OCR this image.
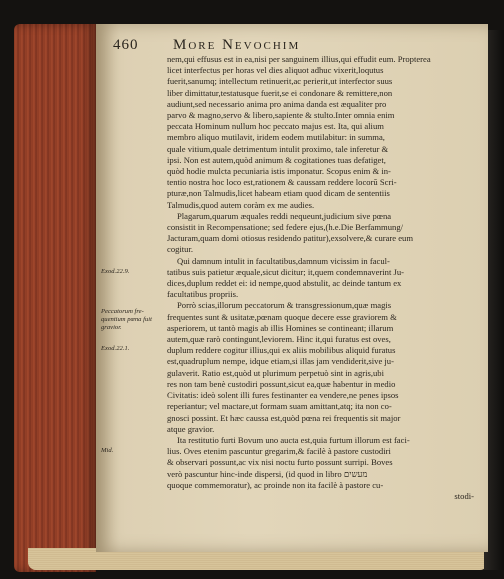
460 More Nevochim
Exod.22.9.
Peccatorum fre-quentium pœna fuit gravior.
Exod.22.1.
Mid.
nem,qui effusus est in ea,nisi per sanguinem illius,qui effudit eum. Propterea
licet interfectus per horas vel dies aliquot adhuc vixerit,loqutus
fuerit,sanumq; intellectum retinuerit,ac perierit,ut interfector suus
liber dimittatur,testatusque fuerit,se ei condonare & remittere,non
audiunt,sed necessario anima pro anima danda est æqualiter pro
parvo & magno,servo & libero,sapiente & stulto.Inter omnia enim
peccata Hominum nullum hoc peccato majus est. Ita, qui alium
membro aliquo mutilavit, iridem eodem mutilabitur: in summa,
quale vitium,quale detrimentum intulit proximo, tale inferetur &
ipsi. Non est autem,quòd animum & cogitationes tuas defatiget,
quòd hodie mulcta pecuniaria istis imponatur. Scopus enim & in-
tentio nostra hoc loco est,rationem & caussam reddere locorū Scri-
pturæ,non Talmudis,licet habeam etiam quod dicam de sententiis
Talmudis,quod autem coràm ex me audies.
Plagarum,quarum æquales reddi nequeunt,judicium sive pœna
consistit in Recompensatione; sed federe ejus,(h.e.Die Berfammung/
Jacturam,quam domi otiosus residendo patitur),exsolvere,& curare eum
cogitur.
Qui damnum intulit in facultatibus,damnum vicissim in facul-
tatibus suis patietur æquale,sicut dicitur; it,quem condemnaverint Ju-
dices,duplum reddet ei: id nempe,quod abstulit, ac deinde tantum ex
facultatibus propriis.
Porrò scias,illorum peccatorum & transgressionum,quæ magis
frequentes sunt & usitatæ,pœnam quoque decere esse graviorem &
asperiorem, ut tantò magis ab illis Homines se contineant; illarum
autem,quæ rarò contingunt,leviorem. Hinc it,qui furatus est oves,
duplum reddere cogitur illius,qui ex aliis mobilibus aliquid furatus
est,quadruplum nempe, idque etiam,si illas jam vendiderit,sive ju-
gulaverit. Ratio est,quòd ut plurimum perpetuò sint in agris,ubi
res non tam benè custodiri possunt,sicut ea,quæ habentur in medio
Civitatis: ideò solent illi fures festinanter ea vendere,ne penes ipsos
reperiantur; vel mactare,ut formam suam amittant,atq; ita non co-
gnosci possint. Et hæc caussa est,quòd pœna rei frequentis sit major
atque gravior.
Ita restitutio furti Bovum uno aucta est,quia furtum illorum est faci-
lius. Oves etenim pascuntur gregarim,& facilè à pastore custodiri
& observari possunt,ac vix nisi noctu furto possunt surripi. Boves
verò pascuntur hinc-inde dispersi, (id quod in libro מעשים
quoque commemoratur), ac proinde non ita facilè à pastore cu-
stodi-
